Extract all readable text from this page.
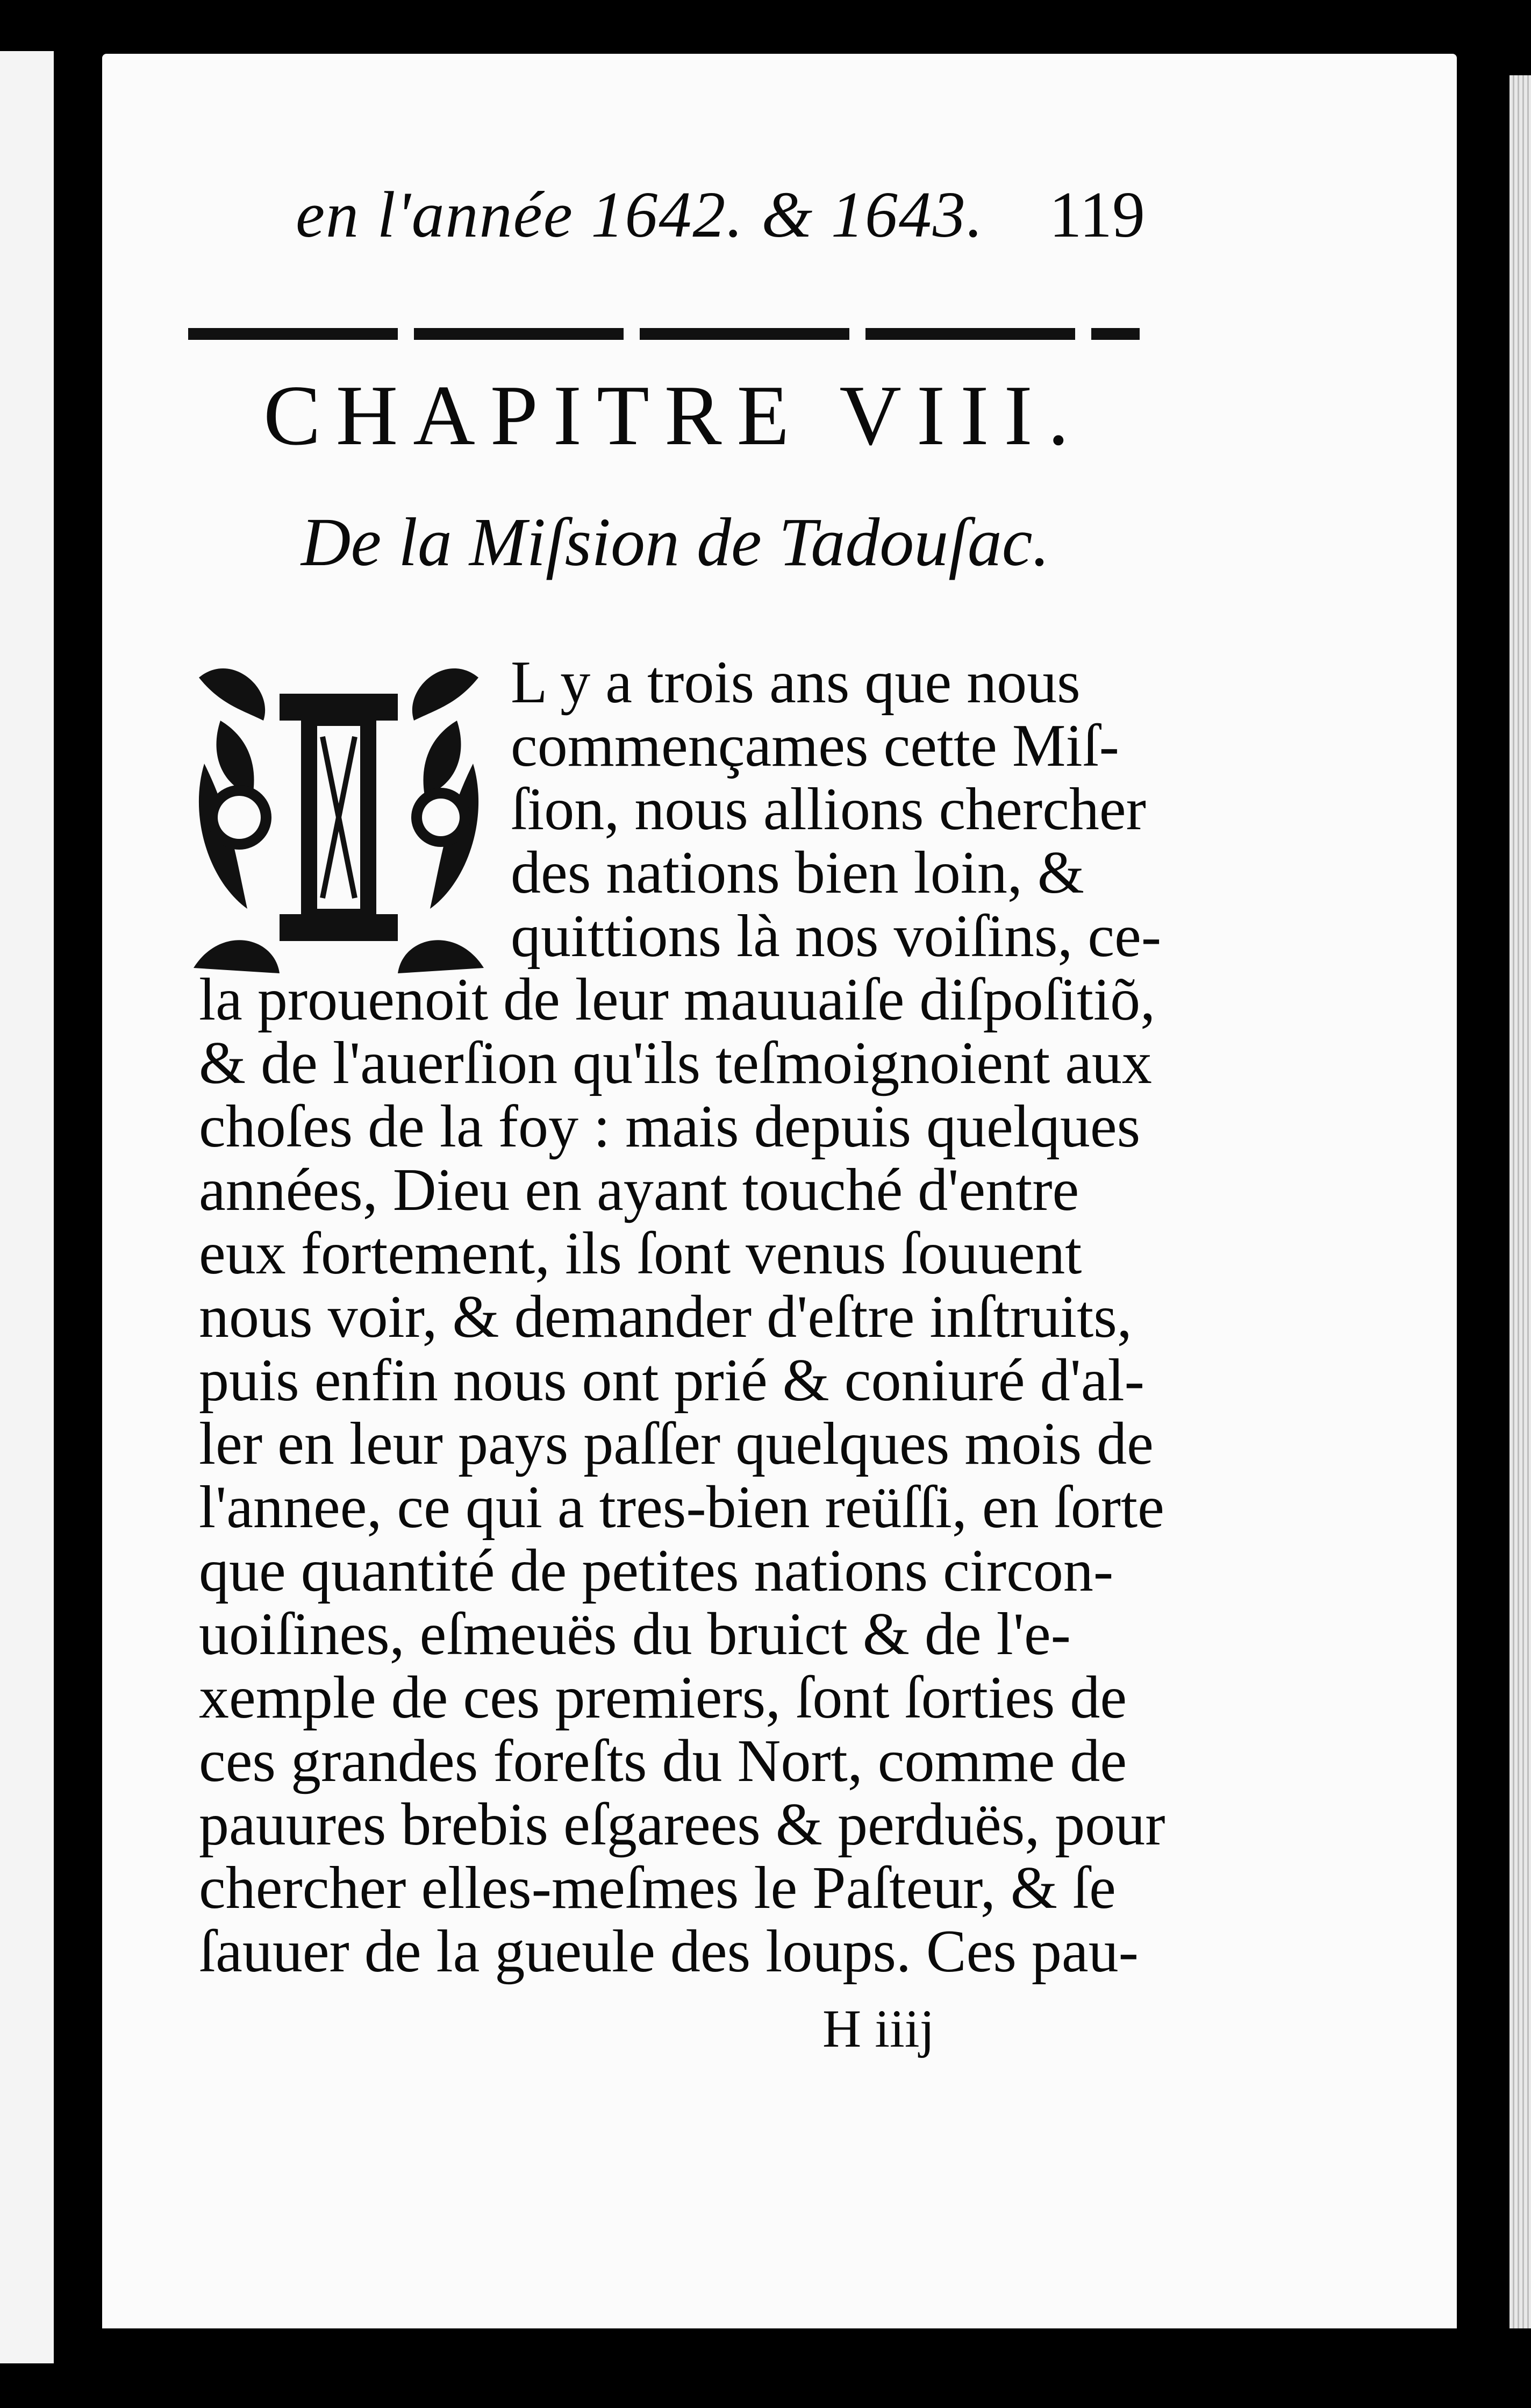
en l'année 1642. & 1643. 119
CHAPITRE VIII.
De la Miſsion de Tadouſac.
L y a trois ans que nous
commençames cette Miſ-
ſion, nous allions chercher
des nations bien loin, &
quittions là nos voiſins, ce-
la prouenoit de leur mauuaiſe diſpoſitiõ,
& de l'auerſion qu'ils teſmoignoient aux
choſes de la foy : mais depuis quelques
années, Dieu en ayant touché d'entre
eux fortement, ils ſont venus ſouuent
nous voir, & demander d'eſtre inſtruits,
puis enfin nous ont prié & coniuré d'al-
ler en leur pays paſſer quelques mois de
l'annee, ce qui a tres-bien reüſſi, en ſorte
que quantité de petites nations circon-
uoiſines, eſmeuës du bruict & de l'e-
xemple de ces premiers, ſont ſorties de
ces grandes foreſts du Nort, comme de
pauures brebis eſgarees & perduës, pour
chercher elles-meſmes le Paſteur, & ſe
ſauuer de la gueule des loups. Ces pau-
H iiij
